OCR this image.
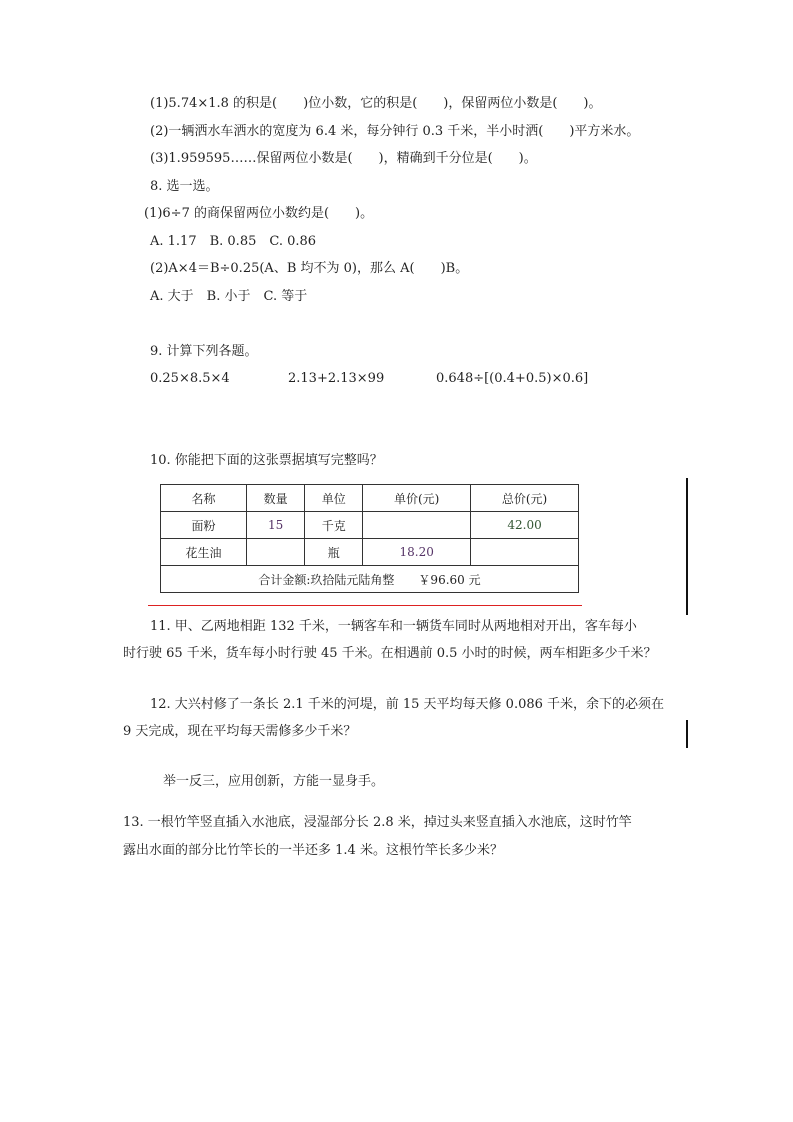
(1)5.74×1.8 的积是(　　)位小数，它的积是(　　)，保留两位小数是(　　)。
(2)一辆洒水车洒水的宽度为 6.4 米，每分钟行 0.3 千米，半小时洒(　　)平方米水。
(3)1.959595……保留两位小数是(　　)，精确到千分位是(　　)。
8. 选一选。
(1)6÷7 的商保留两位小数约是(　　)。
A. 1.17　B. 0.85　C. 0.86
(2)A×4＝B÷0.25(A、B 均不为 0)，那么 A(　　)B。
A. 大于　B. 小于　C. 等于
9. 计算下列各题。
0.25×8.5×4	2.13+2.13×99	0.648÷[(0.4+0.5)×0.6]
10. 你能把下面的这张票据填写完整吗？
名称	数量	单位	单价(元)	总价(元)
面粉	15	千克		42.00
花生油		瓶	18.20	
合计金额:玖拾陆元陆角整　　￥96.60 元				
11. 甲、乙两地相距 132 千米，一辆客车和一辆货车同时从两地相对开出，客车每小
时行驶 65 千米，货车每小时行驶 45 千米。在相遇前 0.5 小时的时候，两车相距多少千米？
12. 大兴村修了一条长 2.1 千米的河堤，前 15 天平均每天修 0.086 千米，余下的必须在
9 天完成，现在平均每天需修多少千米？
举一反三，应用创新，方能一显身手。
13. 一根竹竿竖直插入水池底，浸湿部分长 2.8 米，掉过头来竖直插入水池底，这时竹竿
露出水面的部分比竹竿长的一半还多 1.4 米。这根竹竿长多少米？
